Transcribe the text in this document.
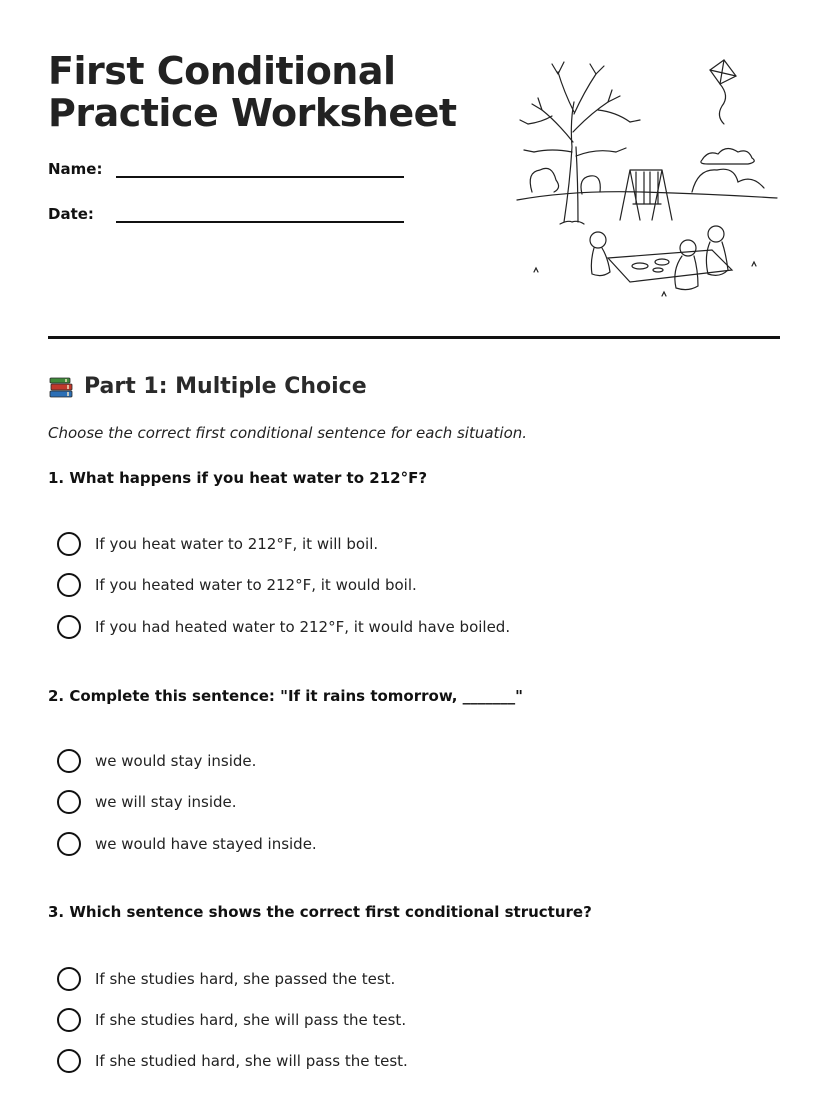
First Conditional
Practice Worksheet
Name:
Date:
Part 1: Multiple Choice
Choose the correct first conditional sentence for each situation.
1. What happens if you heat water to 212°F?
If you heat water to 212°F, it will boil.
If you heated water to 212°F, it would boil.
If you had heated water to 212°F, it would have boiled.
2. Complete this sentence: "If it rains tomorrow, _______"
we would stay inside.
we will stay inside.
we would have stayed inside.
3. Which sentence shows the correct first conditional structure?
If she studies hard, she passed the test.
If she studies hard, she will pass the test.
If she studied hard, she will pass the test.
